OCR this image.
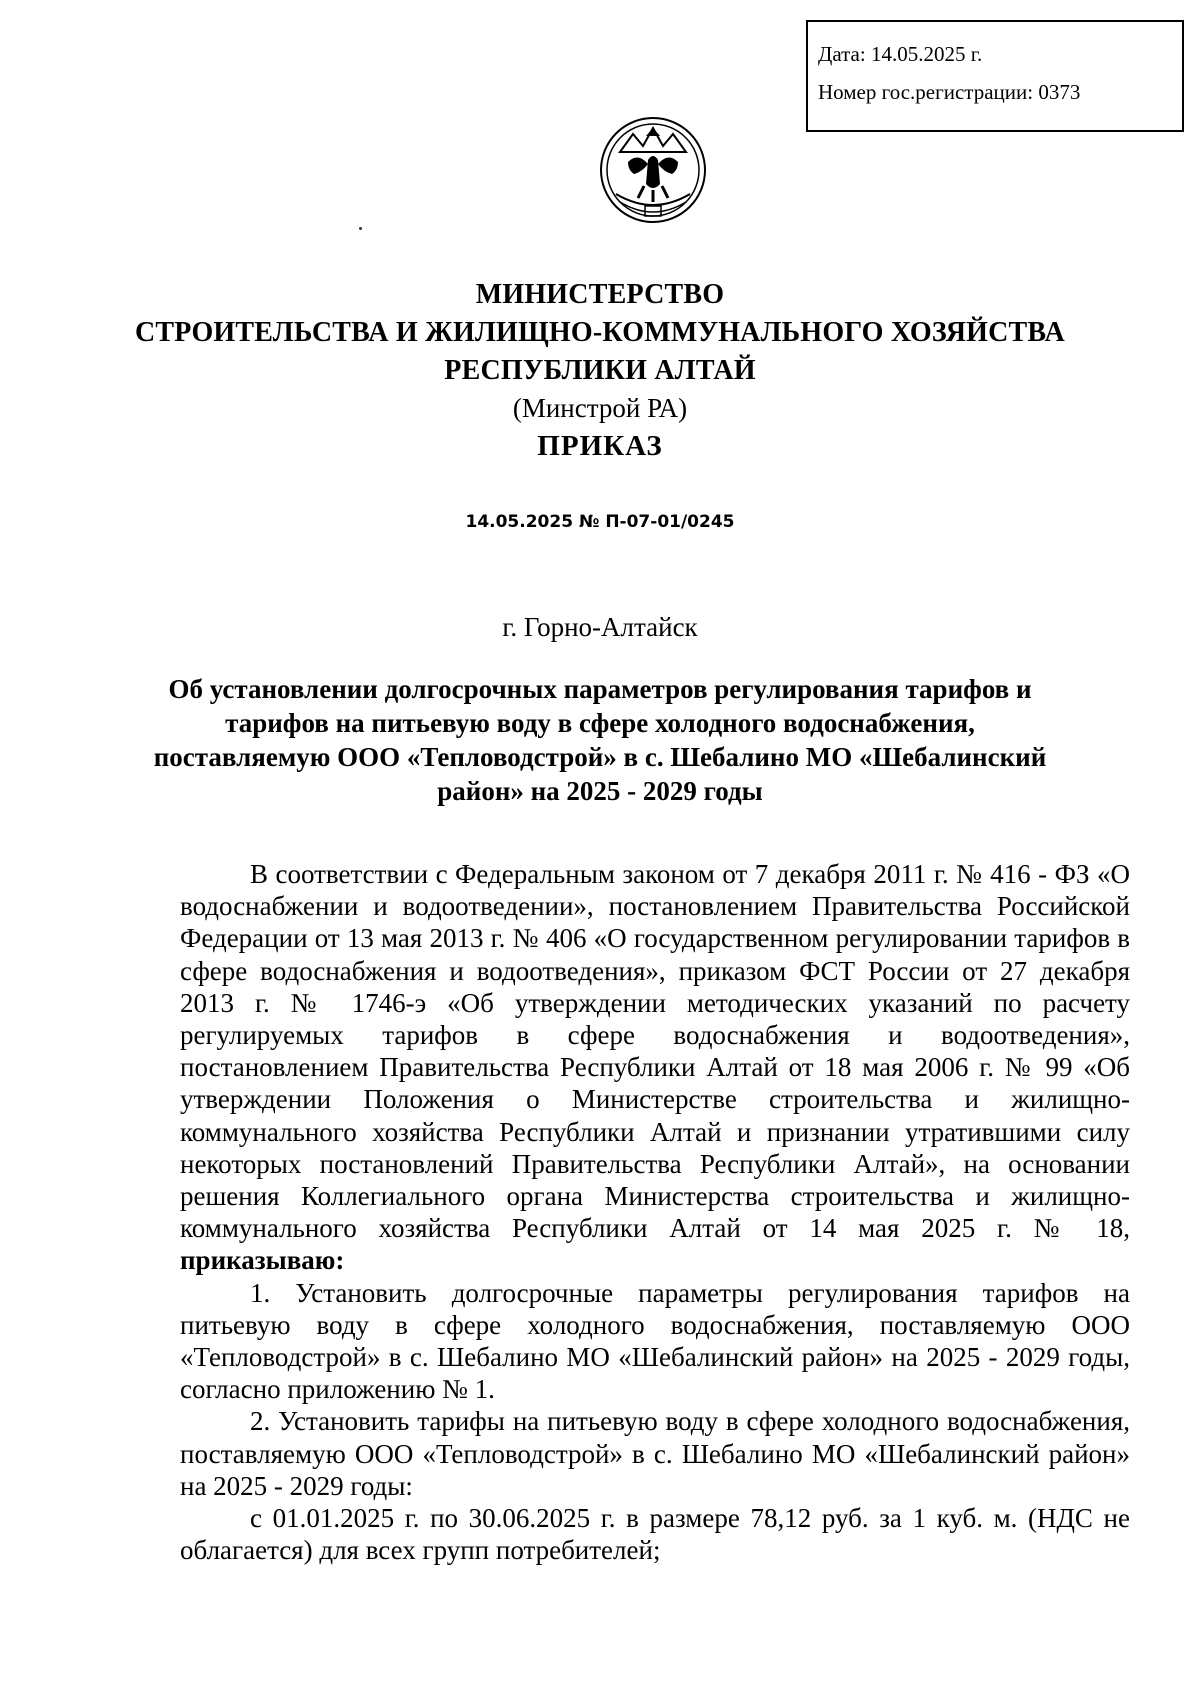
Дата: 14.05.2025 г.
Номер гос.регистрации: 0373
МИНИСТЕРСТВО
СТРОИТЕЛЬСТВА И ЖИЛИЩНО-КОММУНАЛЬНОГО ХОЗЯЙСТВА
РЕСПУБЛИКИ АЛТАЙ
(Минстрой РА)
ПРИКАЗ
14.05.2025 № П-07-01/0245
г. Горно-Алтайск
Об установлении долгосрочных параметров регулирования тарифов и тарифов на питьевую воду в сфере холодного водоснабжения, поставляемую ООО «Тепловодстрой» в с. Шебалино МО «Шебалинский район» на 2025 - 2029 годы

В соответствии с Федеральным законом от 7 декабря 2011 г. № 416 - ФЗ «О водоснабжении и водоотведении», постановлением Правительства Российской Федерации от 13 мая 2013 г. № 406 «О государственном регулировании тарифов в сфере водоснабжения и водоотведения», приказом ФСТ России от 27 декабря 2013 г. № 1746-э «Об утверждении методических указаний по расчету регулируемых тарифов в сфере водоснабжения и водоотведения», постановлением Правительства Республики Алтай от 18 мая 2006 г. № 99 «Об утверждении Положения о Министерстве строительства и жилищно-коммунального хозяйства Республики Алтай и признании утратившими силу некоторых постановлений Правительства Республики Алтай», на основании решения Коллегиального органа Министерства строительства и жилищно-коммунального хозяйства Республики Алтай от 14 мая 2025 г. № 18, приказываю:

1. Установить долгосрочные параметры регулирования тарифов на питьевую воду в сфере холодного водоснабжения, поставляемую ООО «Тепловодстрой» в с. Шебалино МО «Шебалинский район» на 2025 - 2029 годы, согласно приложению № 1.

2. Установить тарифы на питьевую воду в сфере холодного водоснабжения, поставляемую ООО «Тепловодстрой» в с. Шебалино МО «Шебалинский район» на 2025 - 2029 годы:

с 01.01.2025 г. по 30.06.2025 г. в размере 78,12 руб. за 1 куб. м. (НДС не облагается) для всех групп потребителей;
